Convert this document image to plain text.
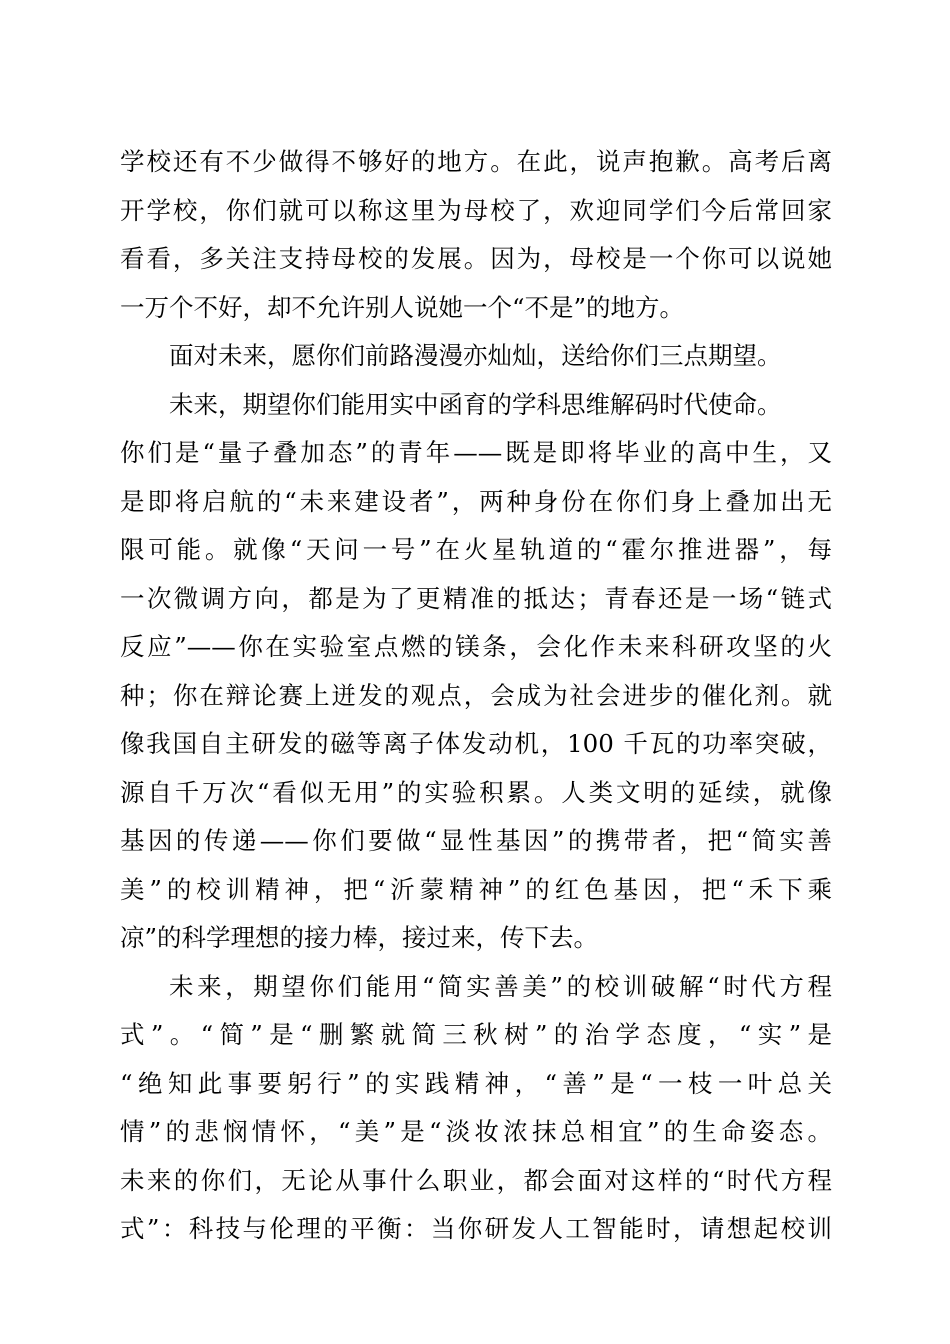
学校还有不少做得不够好的地方。在此，说声抱歉。高考后离
开学校，你们就可以称这里为母校了，欢迎同学们今后常回家
看看，多关注支持母校的发展。因为，母校是一个你可以说她
一万个不好，却不允许别人说她一个“不是”的地方。
面对未来，愿你们前路漫漫亦灿灿，送给你们三点期望。
未来，期望你们能用实中函育的学科思维解码时代使命。
你们是“量子叠加态”的青年——既是即将毕业的高中生，又
是即将启航的“未来建设者”，两种身份在你们身上叠加出无
限可能。就像“天问一号”在火星轨道的“霍尔推进器”，每
一次微调方向，都是为了更精准的抵达；青春还是一场“链式
反应”——你在实验室点燃的镁条，会化作未来科研攻坚的火
种；你在辩论赛上迸发的观点，会成为社会进步的催化剂。就
像我国自主研发的磁等离子体发动机，100 千瓦的功率突破，
源自千万次“看似无用”的实验积累。人类文明的延续，就像
基因的传递——你们要做“显性基因”的携带者，把“简实善
美”的校训精神，把“沂蒙精神”的红色基因，把“禾下乘
凉”的科学理想的接力棒，接过来，传下去。
未来，期望你们能用“简实善美”的校训破解“时代方程
式”。“简”是“删繁就简三秋树”的治学态度，“实”是
“绝知此事要躬行”的实践精神，“善”是“一枝一叶总关
情”的悲悯情怀，“美”是“淡妆浓抹总相宜”的生命姿态。
未来的你们，无论从事什么职业，都会面对这样的“时代方程
式”：科技与伦理的平衡：当你研发人工智能时，请想起校训
